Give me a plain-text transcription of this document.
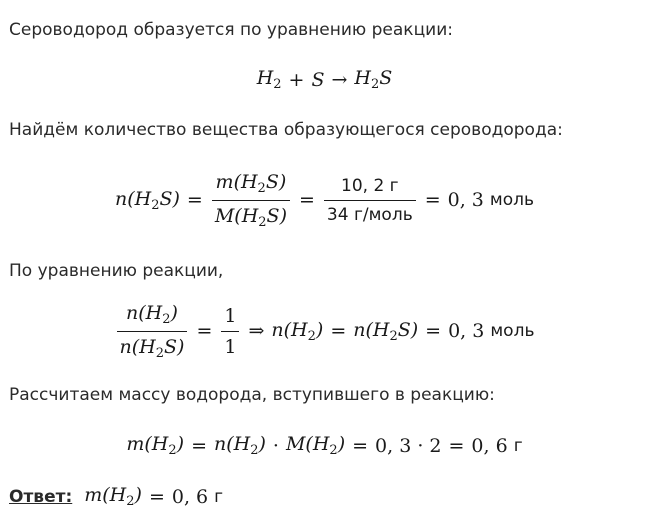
Сероводород образуется по уравнению реакции:
$H_2 + S \to H_2S$
Найдём количество вещества образующегося сероводорода:
$n(H_2S) = \frac{m(H_2S)}{M(H_2S)} = \frac{10, 2 г}{\text{34 г/моль}} = 0$, 3 моль
По уравнению реакции,
$\frac{n(H_2)}{n(H_2S)} = \frac{1}{1}$ ⇒ $n(H_2) = n(H_2S) = 0$, 3 моль
Рассчитаем массу водорода, вступившего в реакцию:
$m(H_2) = n(H_2) \cdot M(H_2) = 0$, 3 · 2 = 0, 6 г
Ответ: $m(H_2) = 0$, 6 г
